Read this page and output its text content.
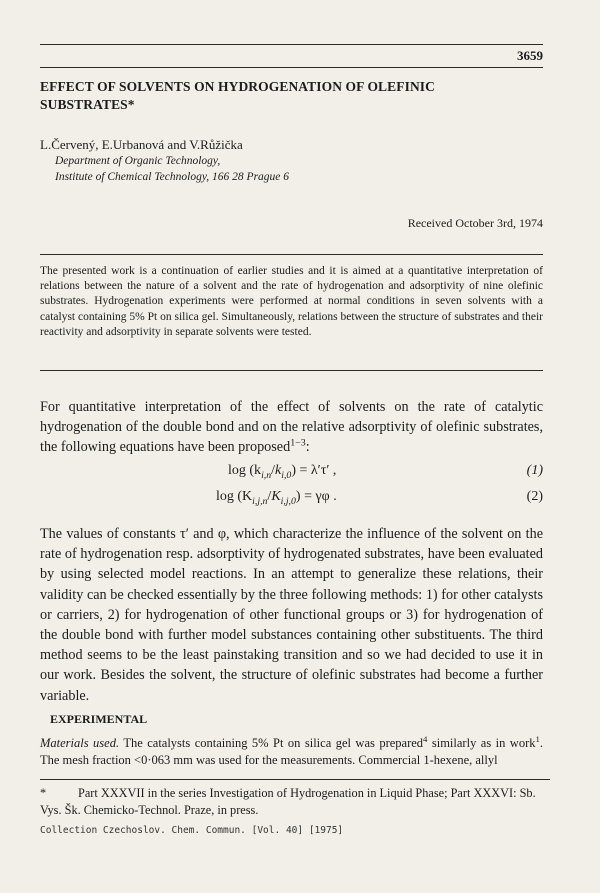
3659
EFFECT OF SOLVENTS ON HYDROGENATION OF OLEFINIC SUBSTRATES*
L.Červený, E.Urbanová and V.Růžička
Department of Organic Technology,
Institute of Chemical Technology, 166 28 Prague 6
Received October 3rd, 1974
The presented work is a continuation of earlier studies and it is aimed at a quantitative interpretation of relations between the nature of a solvent and the rate of hydrogenation and adsorptivity of nine olefinic substrates. Hydrogenation experiments were performed at normal conditions in seven solvents with a catalyst containing 5% Pt on silica gel. Simultaneously, relations between the structure of substrates and their reactivity and adsorptivity in separate solvents were tested.
For quantitative interpretation of the effect of solvents on the rate of catalytic hydrogenation of the double bond and on the relative adsorptivity of olefinic substrates, the following equations have been proposed$^{1-3}$:
$\log (k_{i,n}/k_{i,0}) = \lambda'\tau'$ ,	(1)
$\log (K_{i,j,n}/K_{i,j,0}) = \gamma\varphi$ .	(2)
The values of constants τ′ and φ, which characterize the influence of the solvent on the rate of hydrogenation resp. adsorptivity of hydrogenated substrates, have been evaluated by using selected model reactions. In an attempt to generalize these relations, their validity can be checked essentially by the three following methods: 1) for other catalysts or carriers, 2) for hydrogenation of other functional groups or 3) for hydrogenation of the double bond with further model substances containing other substituents. The third method seems to be the least painstaking transition and so we had decided to use it in our work. Besides the solvent, the structure of olefinic substrates had become a further variable.
EXPERIMENTAL
Materials used. The catalysts containing 5% Pt on silica gel was prepared$^4$ similarly as in work$^1$. The mesh fraction <0·063 mm was used for the measurements. Commercial 1-hexene, allyl
*	Part XXXVII in the series Investigation of Hydrogenation in Liquid Phase; Part XXXVI: Sb. Vys. Šk. Chemicko-Technol. Praze, in press.
Collection Czechoslov. Chem. Commun. [Vol. 40] [1975]
